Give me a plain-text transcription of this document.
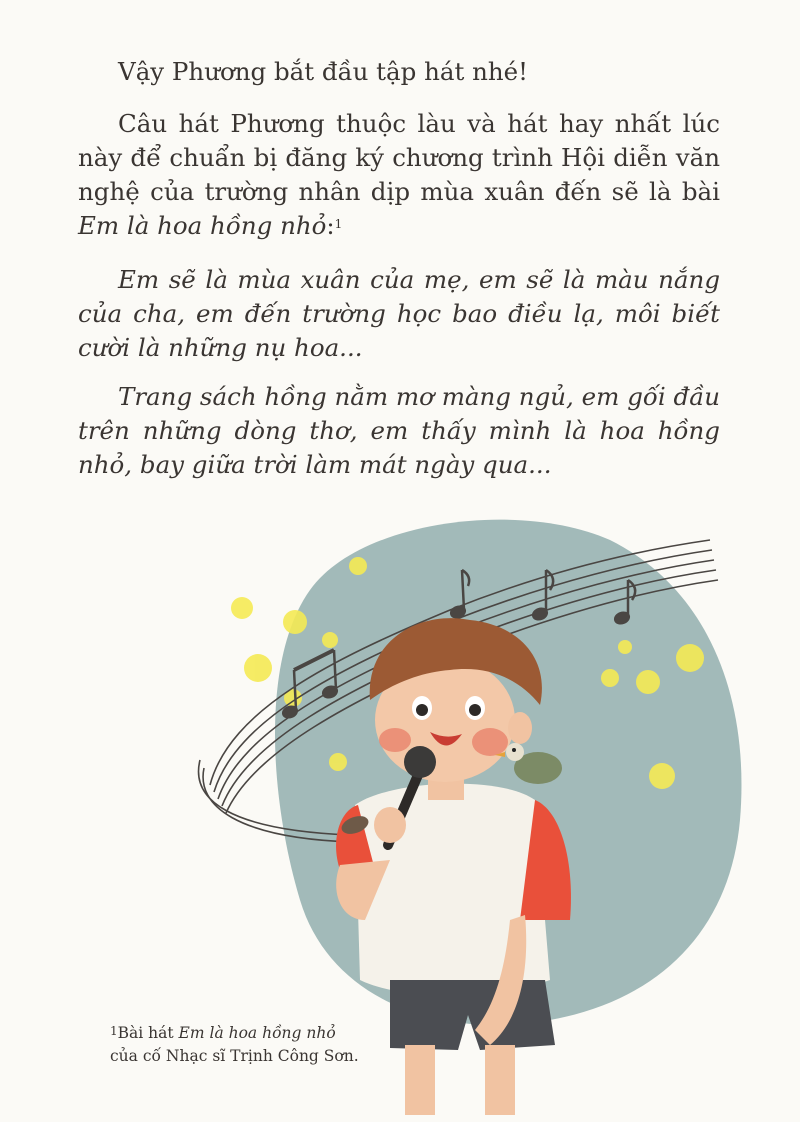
Vậy Phương bắt đầu tập hát nhé!

Câu hát Phương thuộc làu và hát hay nhất lúc này để chuẩn bị đăng ký chương trình Hội diễn văn nghệ của trường nhân dịp mùa xuân đến sẽ là bài Em là hoa hồng nhỏ:$^1$

Em sẽ là mùa xuân của mẹ, em sẽ là màu nắng của cha, em đến trường học bao điều lạ, môi biết cười là những nụ hoa...

Trang sách hồng nằm mơ màng ngủ, em gối đầu trên những dòng thơ, em thấy mình là hoa hồng nhỏ, bay giữa trời làm mát ngày qua...

$^1$Bài hát Em là hoa hồng nhỏ
của cố Nhạc sĩ Trịnh Công Sơn.
